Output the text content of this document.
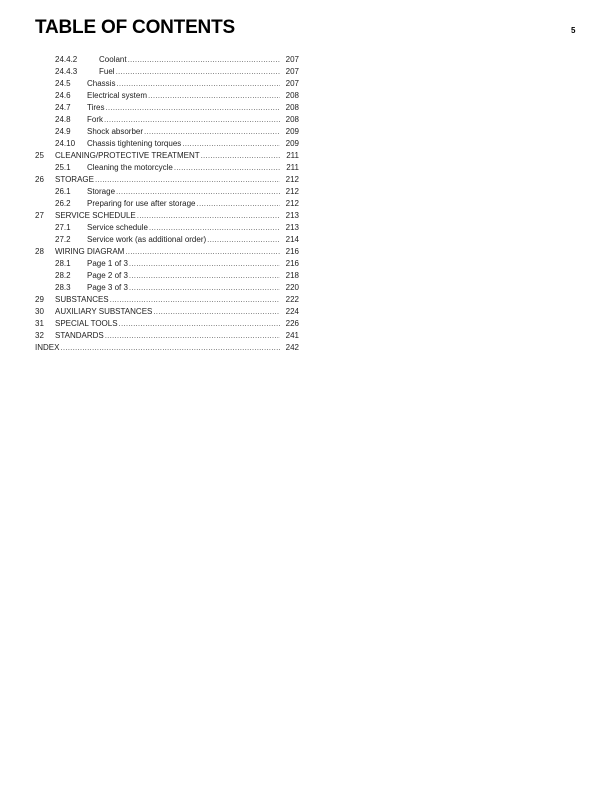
TABLE OF CONTENTS	5
24.4.2	Coolant .....	207
24.4.3	Fuel .....	207
24.5 Chassis .....	207
24.6 Electrical system .....	208
24.7 Tires .....	208
24.8 Fork .....	208
24.9 Shock absorber .....	209
24.10 Chassis tightening torques .....	209
25 CLEANING/PROTECTIVE TREATMENT .....	211
25.1 Cleaning the motorcycle .....	211
26 STORAGE .....	212
26.1 Storage .....	212
26.2 Preparing for use after storage .....	212
27 SERVICE SCHEDULE .....	213
27.1 Service schedule .....	213
27.2 Service work (as additional order) .....	214
28 WIRING DIAGRAM .....	216
28.1 Page 1 of 3 .....	216
28.2 Page 2 of 3 .....	218
28.3 Page 3 of 3 .....	220
29 SUBSTANCES .....	222
30 AUXILIARY SUBSTANCES .....	224
31 SPECIAL TOOLS .....	226
32 STANDARDS .....	241
INDEX .....	242
